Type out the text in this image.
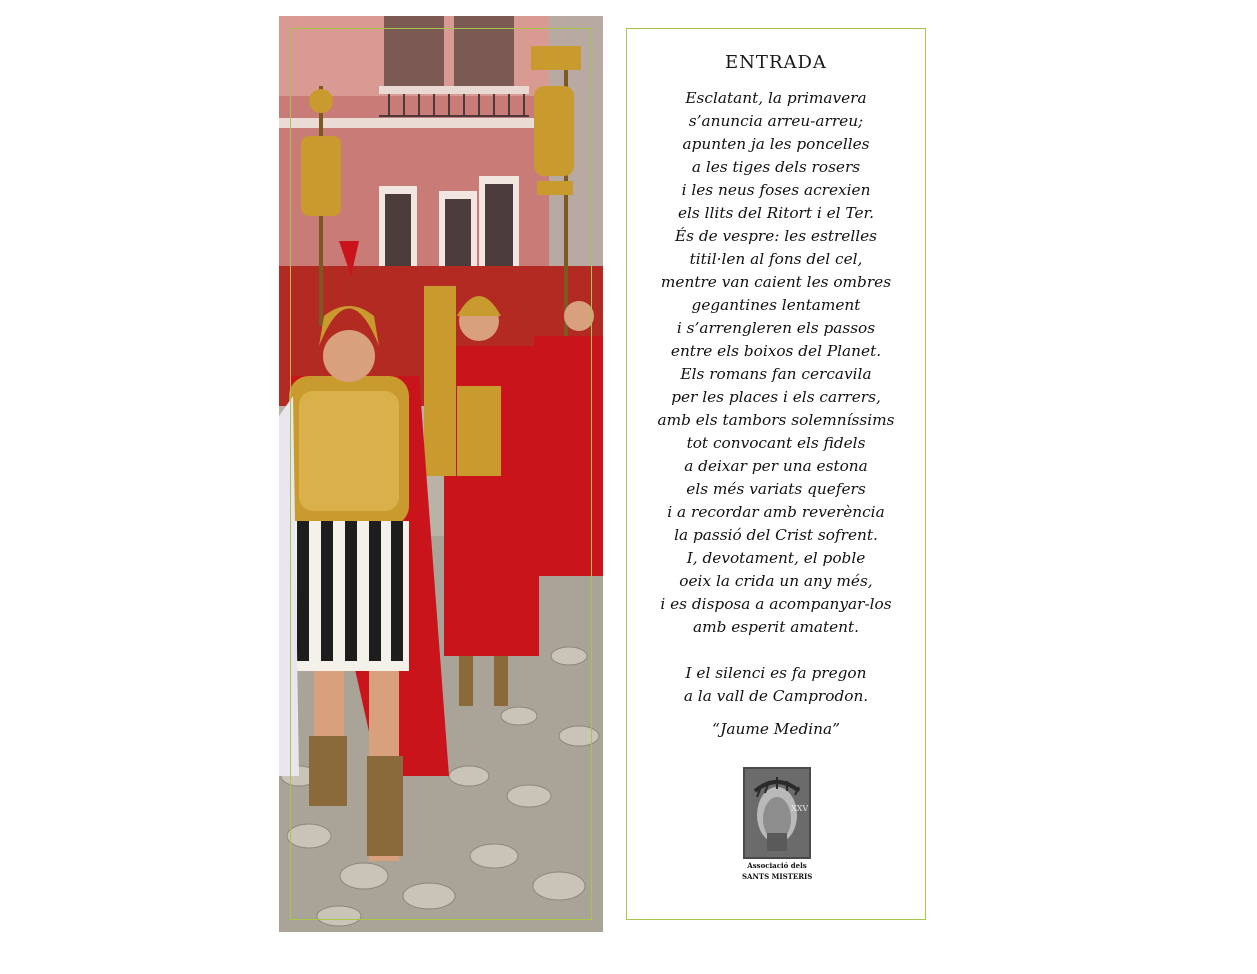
entrada
Esclatant, la primavera
s’anuncia arreu-arreu;
apunten ja les poncelles
a les tiges dels rosers
i les neus foses acrexien
els llits del Ritort i el Ter.
És de vespre: les estrelles
titil·len al fons del cel,
mentre van caient les ombres
gegantines lentament
i s’arrengleren els passos
entre els boixos del Planet.
Els romans fan cercavila
per les places i els carrers,
amb els tambors solemníssims
tot convocant els fidels
a deixar per una estona
els més variats quefers
i a recordar amb reverència
la passió del Crist sofrent.
I, devotament, el poble
oeix la crida un any més,
i es disposa a acompanyar-los
amb esperit amatent.
I el silenci es fa pregon
a la vall de Camprodon.
“Jaume Medina”
XXV
Associació dels
SANTS MISTERIS
